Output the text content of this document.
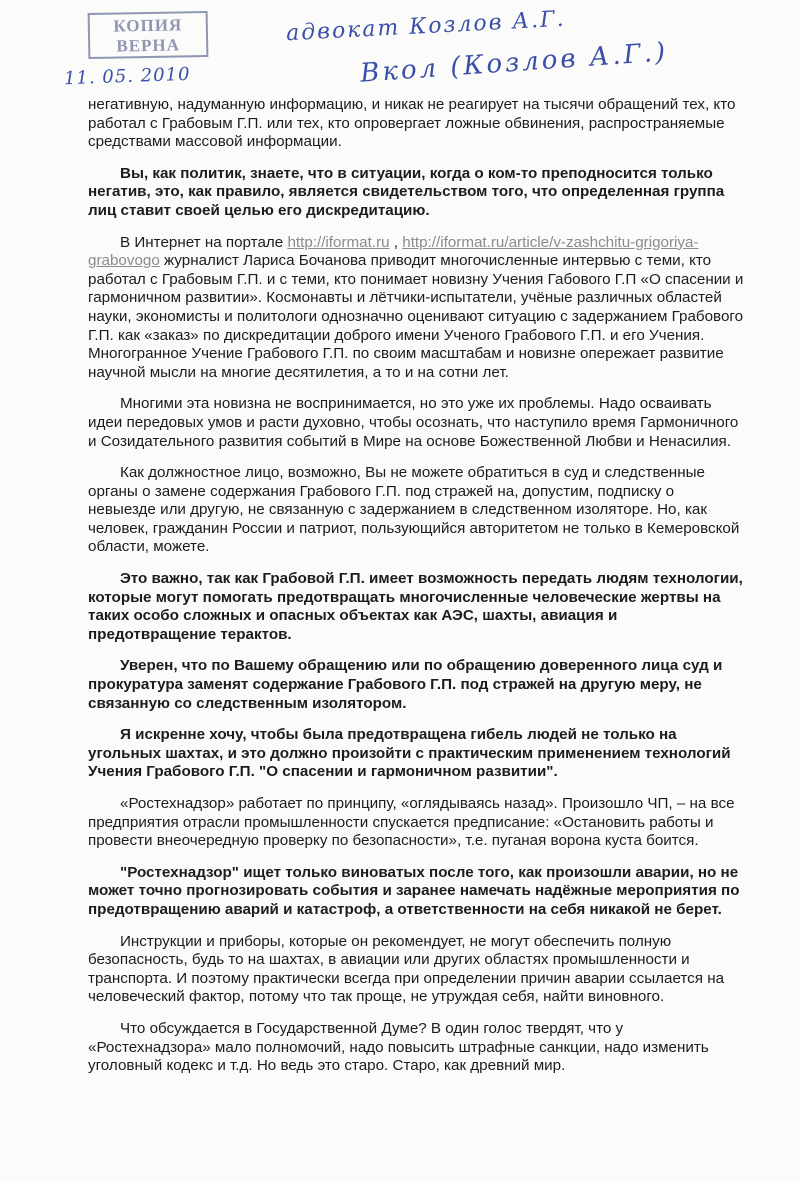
КОПИЯ
ВЕРНА	адвокат Козлов А.Г.
11. 05. 2010	Вкол (Козлов А.Г.)

негативную, надуманную информацию, и никак не реагирует на тысячи обращений тех, кто работал с Грабовым Г.П. или тех, кто опровергает ложные обвинения, распространяемые средствами массовой информации.

Вы, как политик, знаете, что в ситуации, когда о ком-то преподносится только негатив, это, как правило, является свидетельством того, что определенная группа лиц ставит своей целью его дискредитацию.

В Интернет на портале http://iformat.ru , http://iformat.ru/article/v-zashchitu-grigoriya-grabovogo журналист Лариса Бочанова приводит многочисленные интервью с теми, кто работал с Грабовым Г.П. и с теми, кто понимает новизну Учения Габового Г.П «О спасении и гармоничном развитии». Космонавты и лётчики-испытатели, учёные различных областей науки, экономисты и политологи однозначно оценивают ситуацию с задержанием Грабового Г.П. как «заказ» по дискредитации доброго имени Ученого Грабового Г.П. и его Учения. Многогранное Учение Грабового Г.П. по своим масштабам и новизне опережает развитие научной мысли на многие десятилетия, а то и на сотни лет.

Многими эта новизна не воспринимается, но это уже их проблемы. Надо осваивать идеи передовых умов и расти духовно, чтобы осознать, что наступило время Гармоничного и Созидательного развития событий в Мире на основе Божественной Любви и Ненасилия.

Как должностное лицо, возможно, Вы не можете обратиться в суд и следственные органы о замене содержания Грабового Г.П. под стражей на, допустим, подписку о невыезде или другую, не связанную с задержанием в следственном изоляторе. Но, как человек, гражданин России и патриот, пользующийся авторитетом не только в Кемеровской области, можете.

Это важно, так как Грабовой Г.П. имеет возможность передать людям технологии, которые могут помогать предотвращать многочисленные человеческие жертвы на таких особо сложных и опасных объектах как АЭС, шахты, авиация и предотвращение терактов.

Уверен, что по Вашему обращению или по обращению доверенного лица суд и прокуратура заменят содержание Грабового Г.П. под стражей на другую меру, не связанную со следственным изолятором.

Я искренне хочу, чтобы была предотвращена гибель людей не только на угольных шахтах, и это должно произойти с практическим применением технологий Учения Грабового Г.П. "О спасении и гармоничном развитии".

«Ростехнадзор» работает по принципу, «оглядываясь назад». Произошло ЧП, – на все предприятия отрасли промышленности спускается предписание: «Остановить работы и провести внеочередную проверку по безопасности», т.е. пуганая ворона куста боится.

"Ростехнадзор" ищет только виноватых после того, как произошли аварии, но не может точно прогнозировать события и заранее намечать надёжные мероприятия по предотвращению аварий и катастроф, а ответственности на себя никакой не берет.

Инструкции и приборы, которые он рекомендует, не могут обеспечить полную безопасность, будь то на шахтах, в авиации или других областях промышленности и транспорта. И поэтому практически всегда при определении причин аварии ссылается на человеческий фактор, потому что так проще, не утруждая себя, найти виновного.

Что обсуждается в Государственной Думе? В один голос твердят, что у «Ростехнадзора» мало полномочий, надо повысить штрафные санкции, надо изменить уголовный кодекс и т.д. Но ведь это старо. Старо, как древний мир.
